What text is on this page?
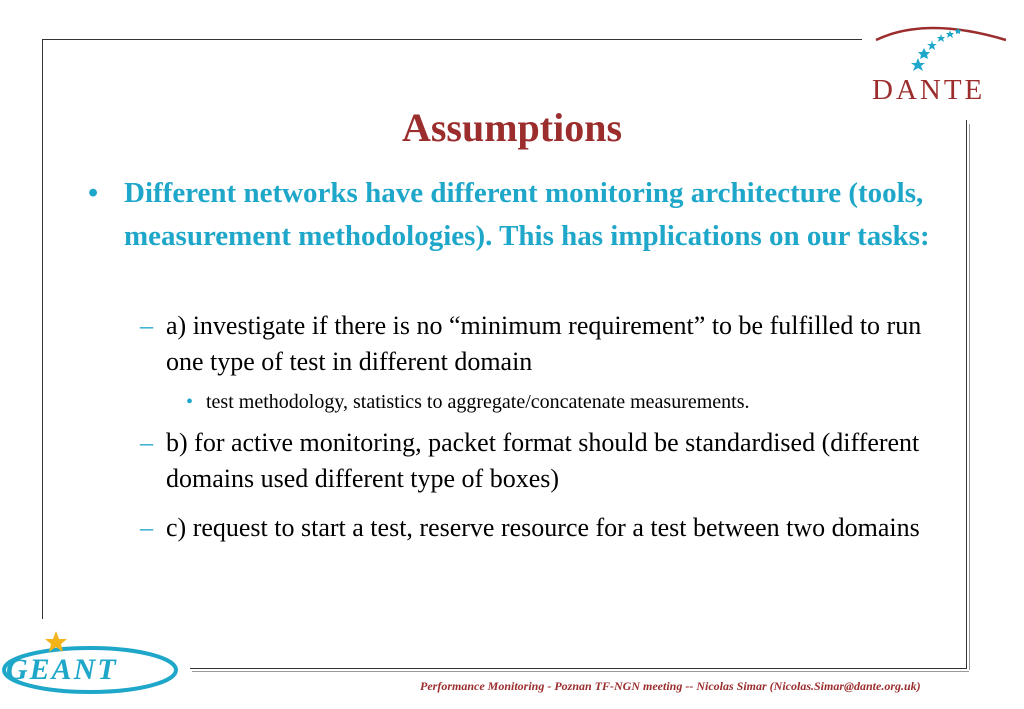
DANTE
Assumptions
• Different networks have different monitoring architecture (tools, measurement methodologies). This has implications on our tasks:
– a) investigate if there is no “minimum requirement” to be fulfilled to run one type of test in different domain
• test methodology, statistics to aggregate/concatenate measurements.
– b) for active monitoring, packet format should be standardised (different domains used different type of boxes)
– c) request to start a test, reserve resource for a test between two domains
GEANT	Performance Monitoring - Poznan TF-NGN meeting -- Nicolas Simar (Nicolas.Simar@dante.org.uk)
